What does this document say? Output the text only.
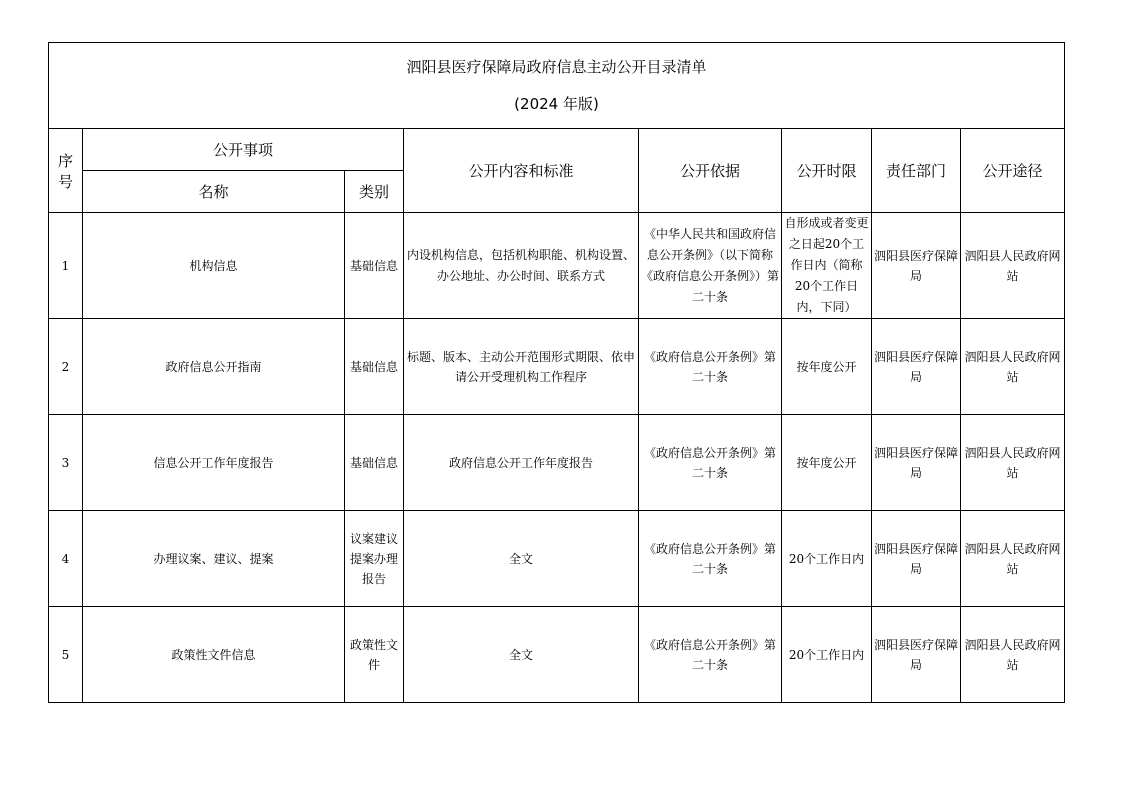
泗阳县医疗保障局政府信息主动公开目录清单
(2024 年版)							

序号	公开事项		公开内容和标准	公开依据	公开时限	责任部门	公开途径
	名称	类别					
1	机构信息	基础信息	内设机构信息，包括机构职能、机构设置、办公地址、办公时间、联系方式	《中华人民共和国政府信息公开条例》（以下简称《政府信息公开条例》）第二十条	自形成或者变更之日起20个工作日内（简称20个工作日内，下同）	泗阳县医疗保障局	泗阳县人民政府网站
2	政府信息公开指南	基础信息	标题、版本、主动公开范围形式期限、依申请公开受理机构工作程序	《政府信息公开条例》第二十条	按年度公开	泗阳县医疗保障局	泗阳县人民政府网站
3	信息公开工作年度报告	基础信息	政府信息公开工作年度报告	《政府信息公开条例》第二十条	按年度公开	泗阳县医疗保障局	泗阳县人民政府网站
4	办理议案、建议、提案	议案建议提案办理报告	全文	《政府信息公开条例》第二十条	20个工作日内	泗阳县医疗保障局	泗阳县人民政府网站
5	政策性文件信息	政策性文件	全文	《政府信息公开条例》第二十条	20个工作日内	泗阳县医疗保障局	泗阳县人民政府网站
